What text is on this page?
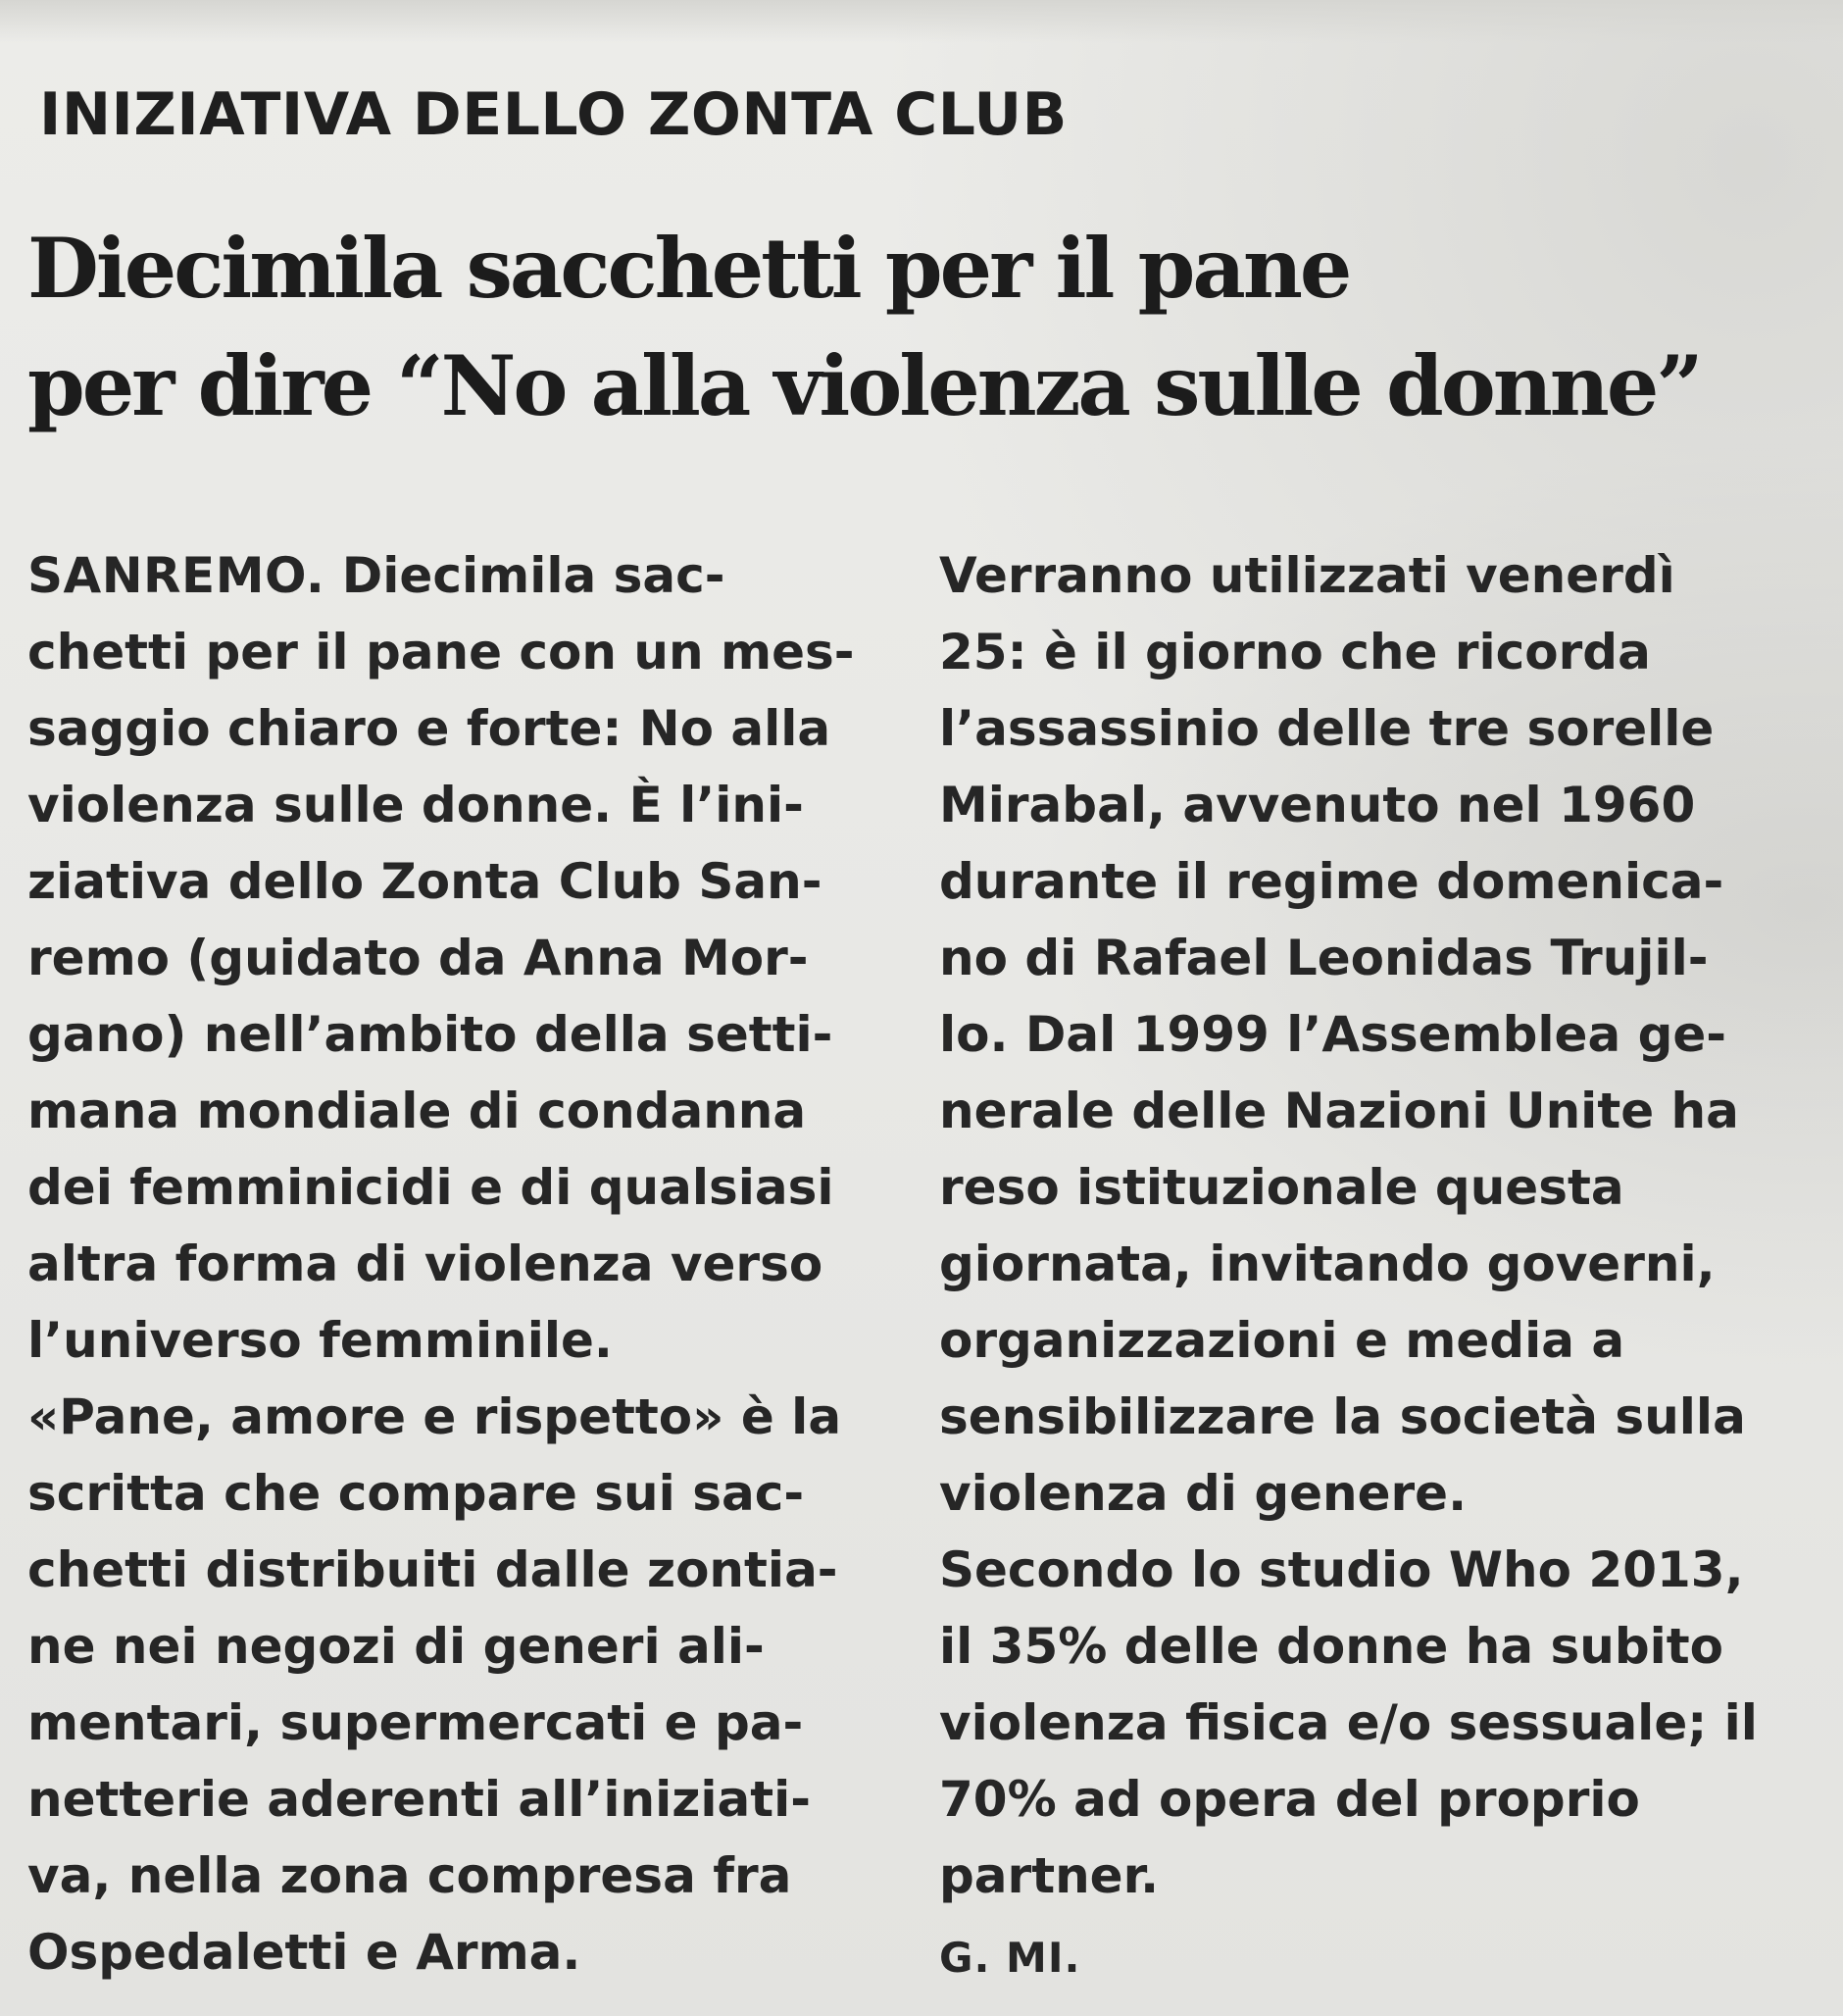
INIZIATIVA DELLO ZONTA CLUB
Diecimila sacchetti per il pane
per dire “No alla violenza sulle donne”
SANREMO. Diecimila sac-
chetti per il pane con un mes-
saggio chiaro e forte: No alla
violenza sulle donne. È l’ini-
ziativa dello Zonta Club San-
remo (guidato da Anna Mor-
gano) nell’ambito della setti-
mana mondiale di condanna
dei femminicidi e di qualsiasi
altra forma di violenza verso
l’universo femminile.
«Pane, amore e rispetto» è la
scritta che compare sui sac-
chetti distribuiti dalle zontia-
ne nei negozi di generi ali-
mentari, supermercati e pa-
netterie aderenti all’iniziati-
va, nella zona compresa fra
Ospedaletti e Arma.
Verranno utilizzati venerdì
25: è il giorno che ricorda
l’assassinio delle tre sorelle
Mirabal, avvenuto nel 1960
durante il regime domenica-
no di Rafael Leonidas Trujil-
lo. Dal 1999 l’Assemblea ge-
nerale delle Nazioni Unite ha
reso istituzionale questa
giornata, invitando governi,
organizzazioni e media a
sensibilizzare la società sulla
violenza di genere.
Secondo lo studio Who 2013,
il 35% delle donne ha subito
violenza fisica e/o sessuale; il
70% ad opera del proprio
partner.
G. MI.
